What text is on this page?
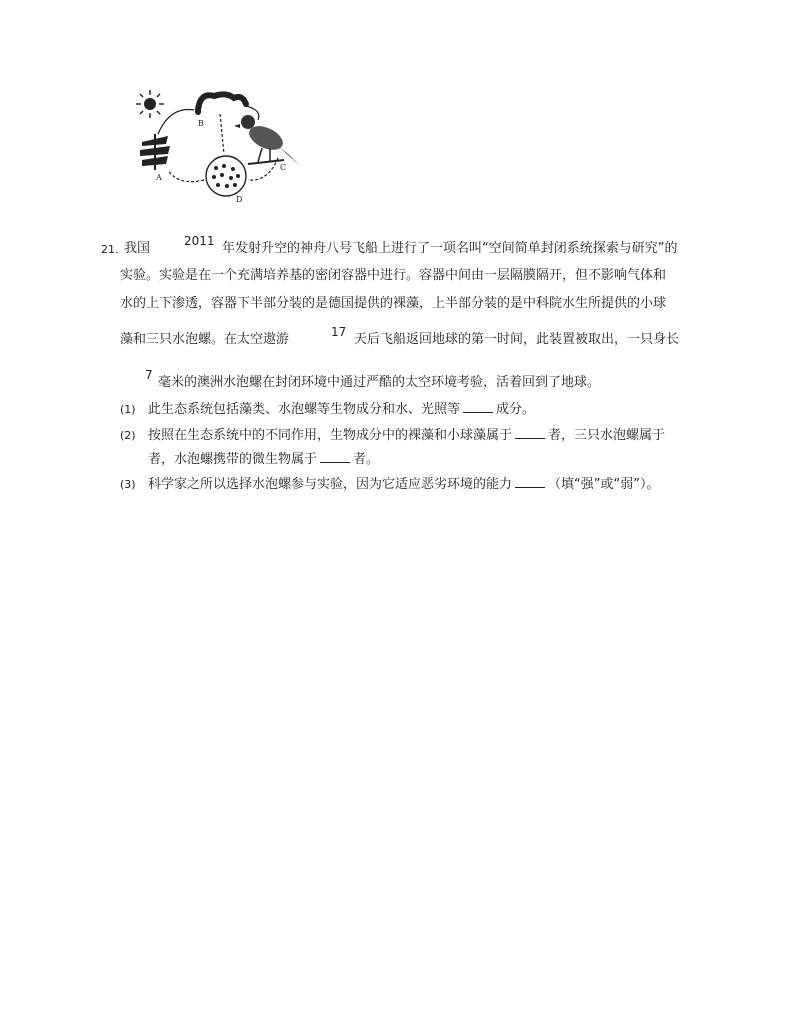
B
A
C
D
21. 我国	2011 年发射升空的神舟八号飞船上进行了一项名叫“空间简单封闭系统探索与研究”的
实验。实验是在一个充满培养基的密闭容器中进行。容器中间由一层隔膜隔开，但不影响气体和
水的上下渗透，容器下半部分装的是德国提供的裸藻，上半部分装的是中科院水生所提供的小球
藻和三只水泡螺。在太空遨游	17 天后飞船返回地球的第一时间，此装置被取出，一只身长
7 毫米的澳洲水泡螺在封闭环境中通过严酷的太空环境考验，活着回到了地球。
(1) 此生态系统包括藻类、水泡螺等生物成分和水、光照等	成分。
(2) 按照在生态系统中的不同作用，生物成分中的裸藻和小球藻属于	者，三只水泡螺属于
者，水泡螺携带的微生物属于	者。
(3) 科学家之所以选择水泡螺参与实验，因为它适应恶劣环境的能力	（填“强”或“弱”）。
